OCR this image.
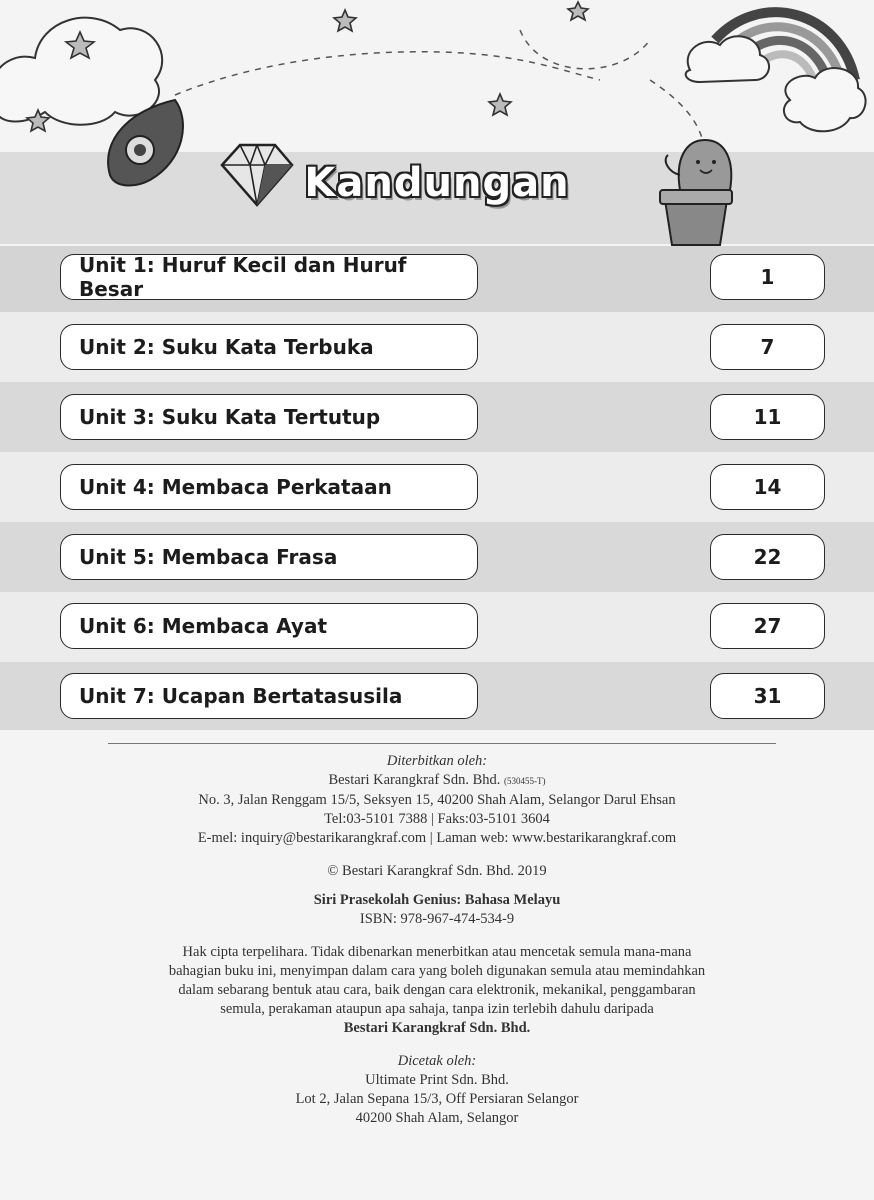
Kandungan
Unit 1: Huruf Kecil dan Huruf Besar	1
Unit 2: Suku Kata Terbuka	7
Unit 3: Suku Kata Tertutup	11
Unit 4: Membaca Perkataan	14
Unit 5: Membaca Frasa	22
Unit 6: Membaca Ayat	27
Unit 7: Ucapan Bertatasusila	31
Diterbitkan oleh:
Bestari Karangkraf Sdn. Bhd. (530455-T)
No. 3, Jalan Renggam 15/5, Seksyen 15, 40200 Shah Alam, Selangor Darul Ehsan
Tel:03-5101 7388 | Faks:03-5101 3604
E-mel: inquiry@bestarikarangkraf.com | Laman web: www.bestarikarangkraf.com
© Bestari Karangkraf Sdn. Bhd. 2019
Siri Prasekolah Genius: Bahasa Melayu
ISBN: 978-967-474-534-9
Hak cipta terpelihara. Tidak dibenarkan menerbitkan atau mencetak semula mana-mana
bahagian buku ini, menyimpan dalam cara yang boleh digunakan semula atau memindahkan
dalam sebarang bentuk atau cara, baik dengan cara elektronik, mekanikal, penggambaran
semula, perakaman ataupun apa sahaja, tanpa izin terlebih dahulu daripada
Bestari Karangkraf Sdn. Bhd.
Dicetak oleh:
Ultimate Print Sdn. Bhd.
Lot 2, Jalan Sepana 15/3, Off Persiaran Selangor
40200 Shah Alam, Selangor
